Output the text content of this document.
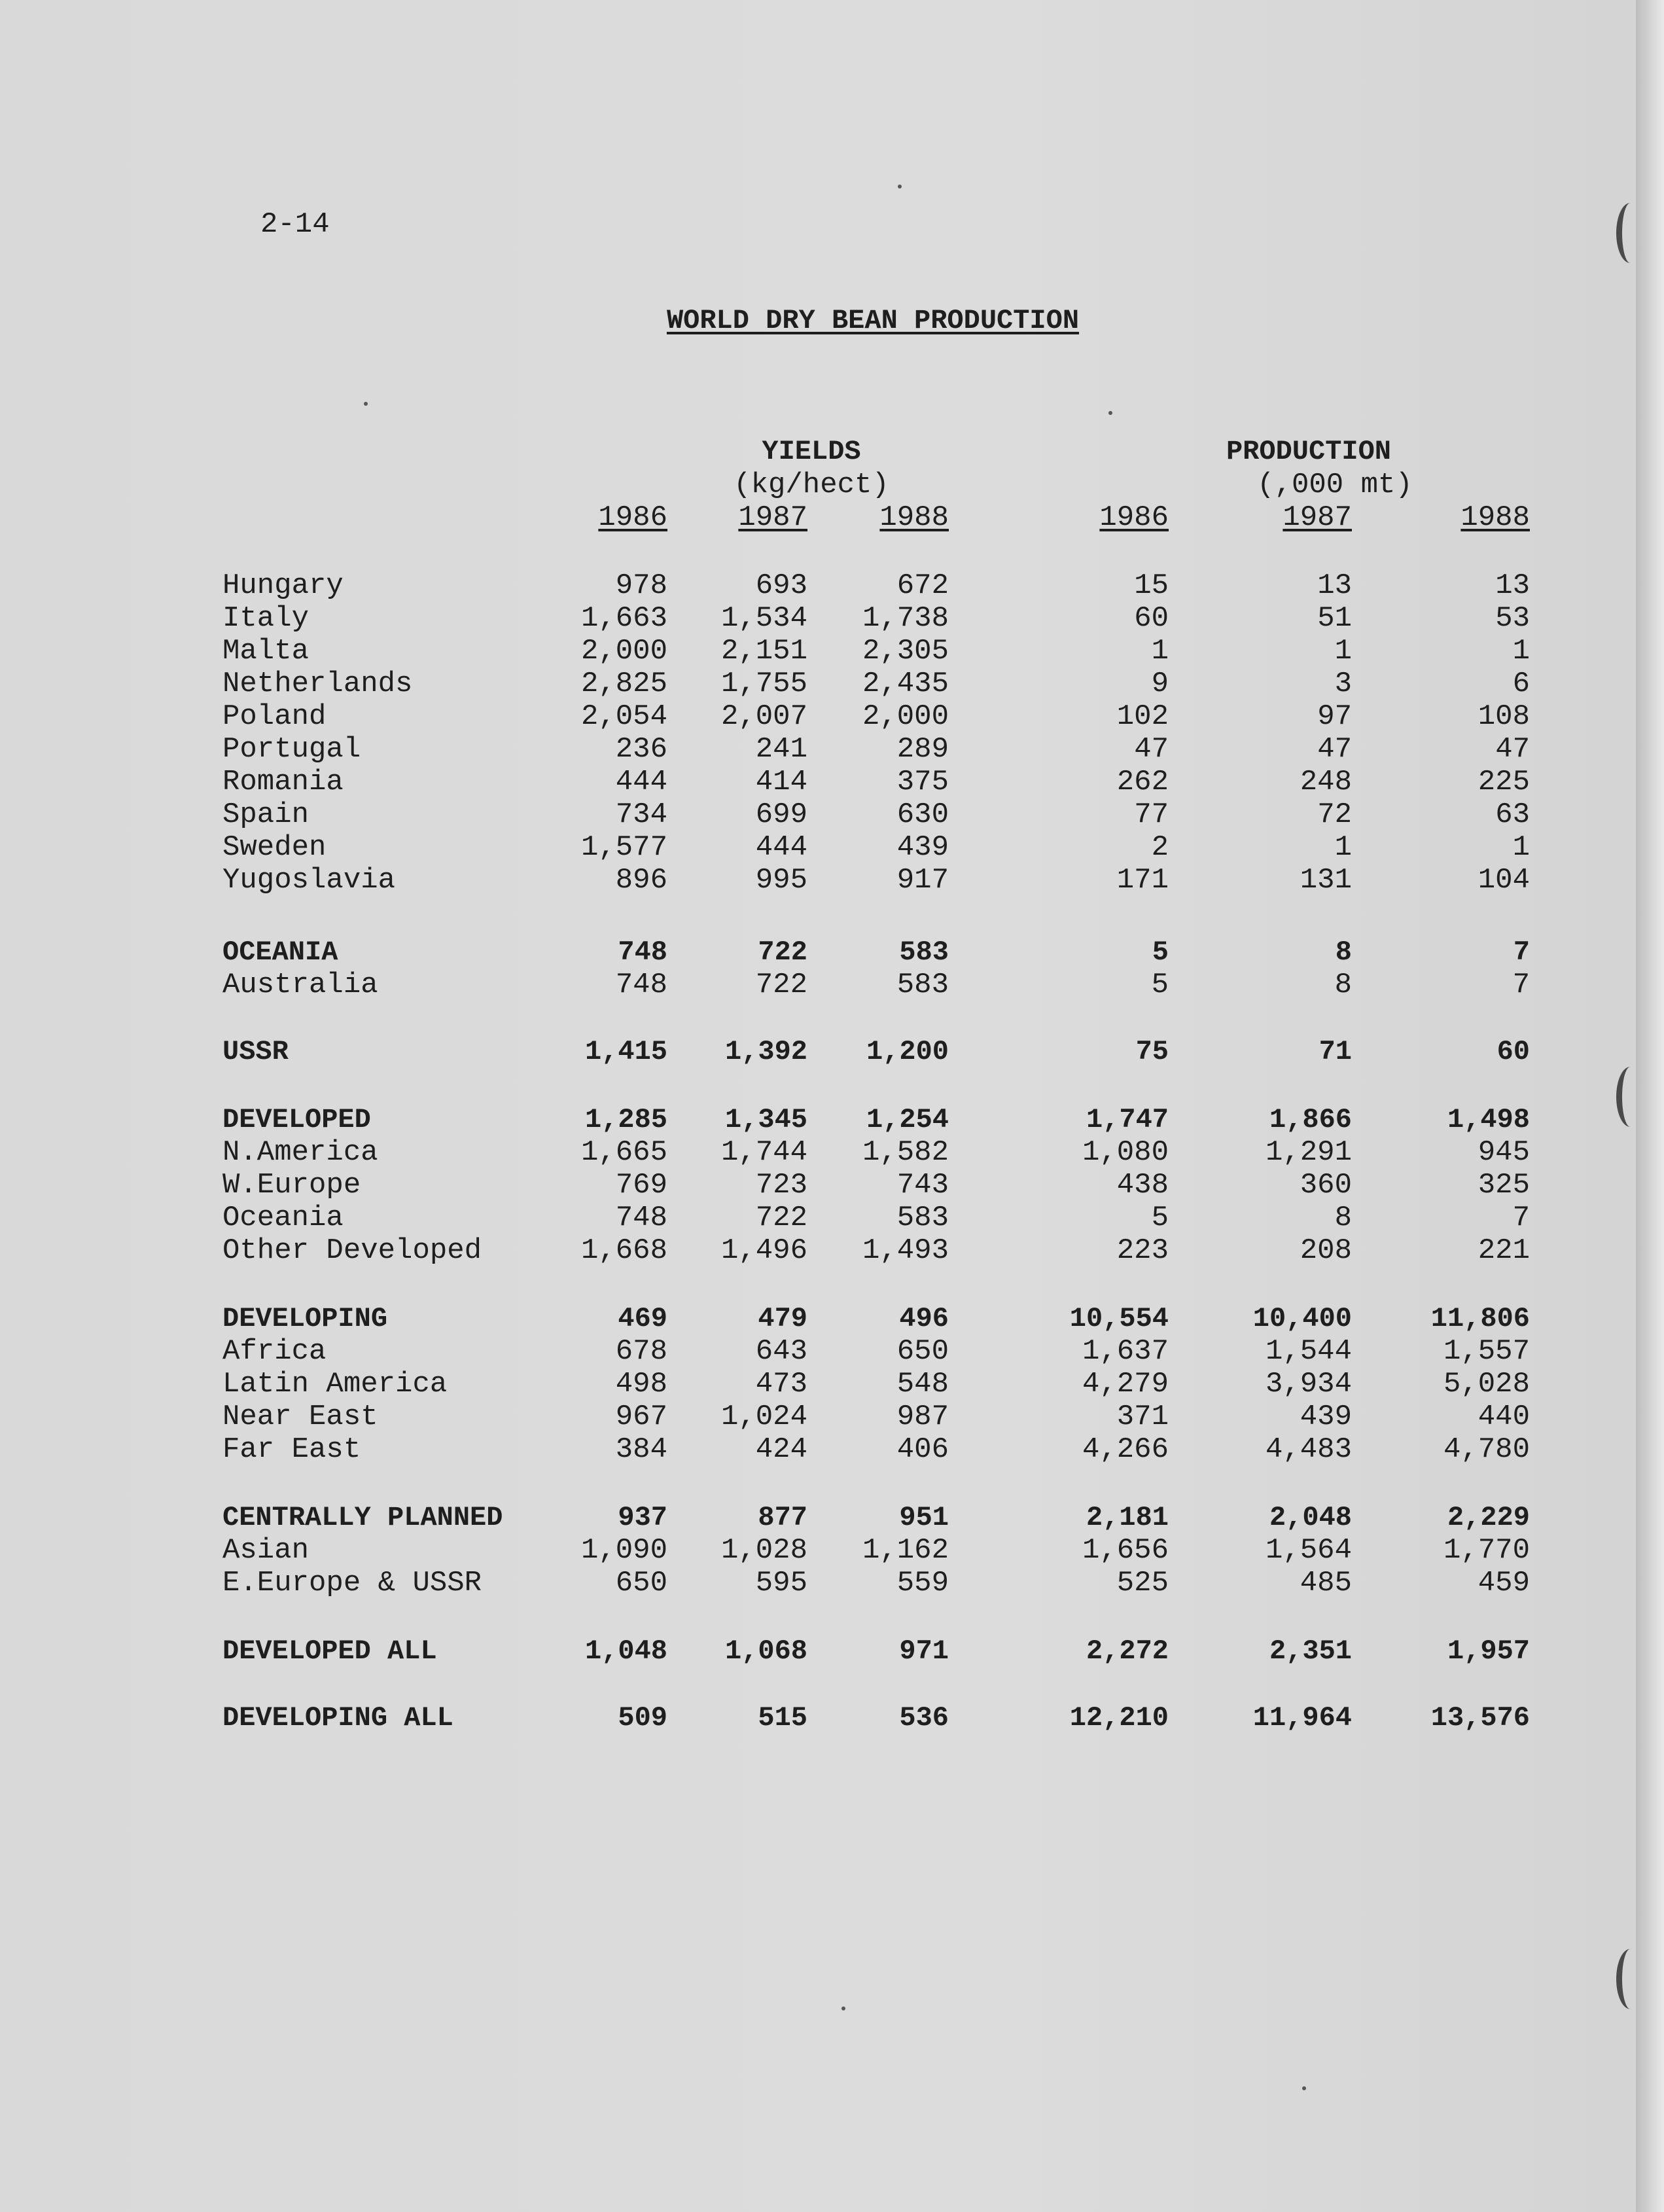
2-14
WORLD DRY BEAN PRODUCTION
YIELDS
(kg/hect)
PRODUCTION
(,000 mt)
1986	1987	1988	1986	1987	1988
Hungary	978	693	672	15	13	13
Italy	1,663	1,534	1,738	60	51	53
Malta	2,000	2,151	2,305	1	1	1
Netherlands	2,825	1,755	2,435	9	3	6
Poland	2,054	2,007	2,000	102	97	108
Portugal	236	241	289	47	47	47
Romania	444	414	375	262	248	225
Spain	734	699	630	77	72	63
Sweden	1,577	444	439	2	1	1
Yugoslavia	896	995	917	171	131	104
OCEANIA	748	722	583	5	8	7
Australia	748	722	583	5	8	7
USSR	1,415	1,392	1,200	75	71	60
DEVELOPED	1,285	1,345	1,254	1,747	1,866	1,498
N.America	1,665	1,744	1,582	1,080	1,291	945
W.Europe	769	723	743	438	360	325
Oceania	748	722	583	5	8	7
Other Developed	1,668	1,496	1,493	223	208	221
DEVELOPING	469	479	496	10,554	10,400	11,806
Africa	678	643	650	1,637	1,544	1,557
Latin America	498	473	548	4,279	3,934	5,028
Near East	967	1,024	987	371	439	440
Far East	384	424	406	4,266	4,483	4,780
CENTRALLY PLANNED	937	877	951	2,181	2,048	2,229
Asian	1,090	1,028	1,162	1,656	1,564	1,770
E.Europe & USSR	650	595	559	525	485	459
DEVELOPED ALL	1,048	1,068	971	2,272	2,351	1,957
DEVELOPING ALL	509	515	536	12,210	11,964	13,576
